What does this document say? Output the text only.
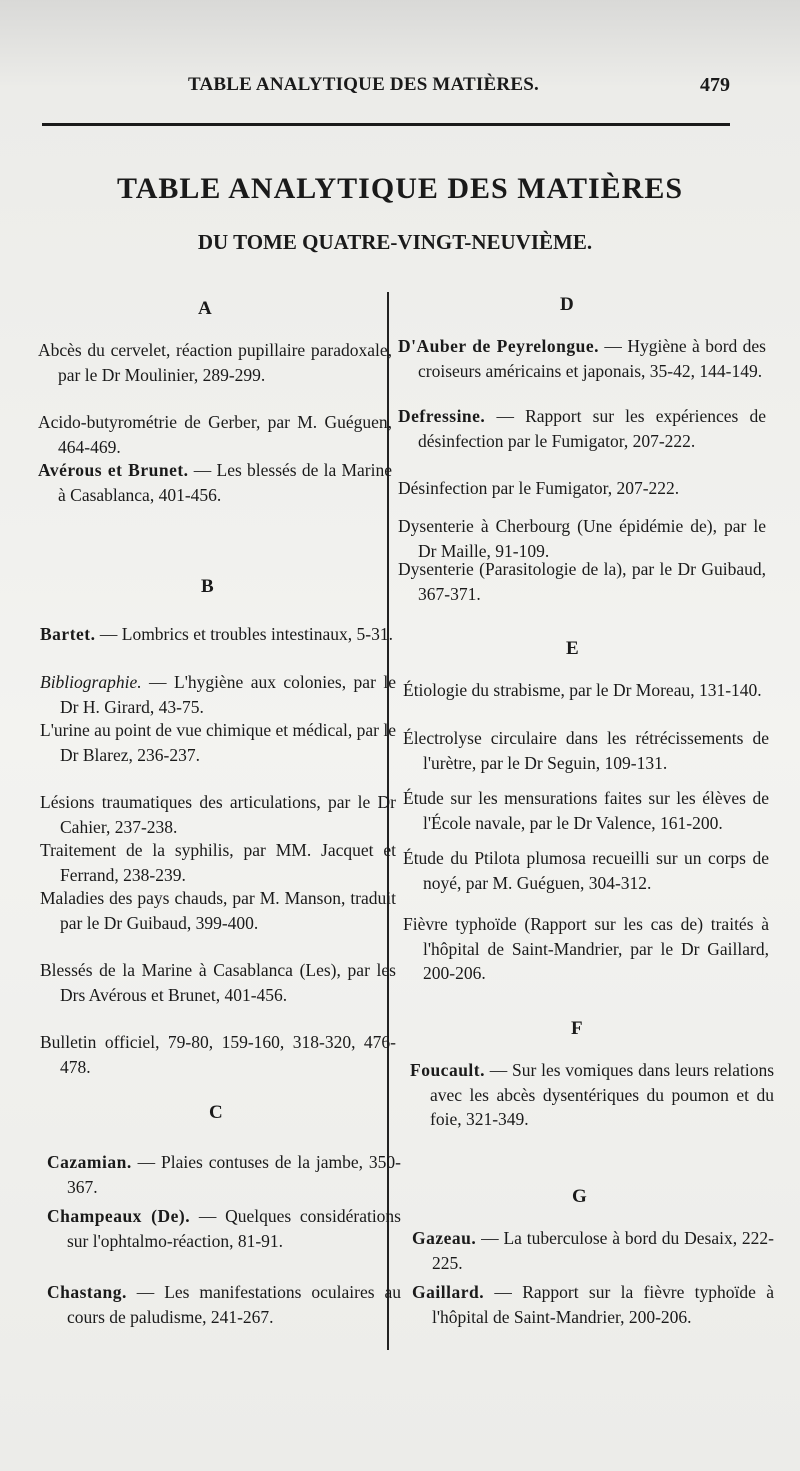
TABLE ANALYTIQUE DES MATIÈRES.	479
TABLE ANALYTIQUE DES MATIÈRES
DU TOME QUATRE-VINGT-NEUVIÈME.
A
Abcès du cervelet, réaction pupillaire paradoxale, par le Dr Moulinier, 289-299.
Acido-butyrométrie de Gerber, par M. Guéguen, 464-469.
Avérous et Brunet. — Les blessés de la Marine à Casablanca, 401-456.
B
Bartet. — Lombrics et troubles intestinaux, 5-31.
Bibliographie. — L'hygiène aux colonies, par le Dr H. Girard, 43-75.
L'urine au point de vue chimique et médical, par le Dr Blarez, 236-237.
Lésions traumatiques des articulations, par le Dr Cahier, 237-238.
Traitement de la syphilis, par MM. Jacquet et Ferrand, 238-239.
Maladies des pays chauds, par M. Manson, traduit par le Dr Guibaud, 399-400.
Blessés de la Marine à Casablanca (Les), par les Drs Avérous et Brunet, 401-456.
Bulletin officiel, 79-80, 159-160, 318-320, 476-478.
C
Cazamian. — Plaies contuses de la jambe, 350-367.
Champeaux (De). — Quelques considérations sur l'ophtalmo-réaction, 81-91.
Chastang. — Les manifestations oculaires au cours de paludisme, 241-267.
D
D'Auber de Peyrelongue. — Hygiène à bord des croiseurs américains et japonais, 35-42, 144-149.
Defressine. — Rapport sur les expériences de désinfection par le Fumigator, 207-222.
Désinfection par le Fumigator, 207-222.
Dysenterie à Cherbourg (Une épidémie de), par le Dr Maille, 91-109.
Dysenterie (Parasitologie de la), par le Dr Guibaud, 367-371.
E
Étiologie du strabisme, par le Dr Moreau, 131-140.
Électrolyse circulaire dans les rétrécissements de l'urètre, par le Dr Seguin, 109-131.
Étude sur les mensurations faites sur les élèves de l'École navale, par le Dr Valence, 161-200.
Étude du Ptilota plumosa recueilli sur un corps de noyé, par M. Guéguen, 304-312.
Fièvre typhoïde (Rapport sur les cas de) traités à l'hôpital de Saint-Mandrier, par le Dr Gaillard, 200-206.
F
Foucault. — Sur les vomiques dans leurs relations avec les abcès dysentériques du poumon et du foie, 321-349.
G
Gazeau. — La tuberculose à bord du Desaix, 222-225.
Gaillard. — Rapport sur la fièvre typhoïde à l'hôpital de Saint-Mandrier, 200-206.
